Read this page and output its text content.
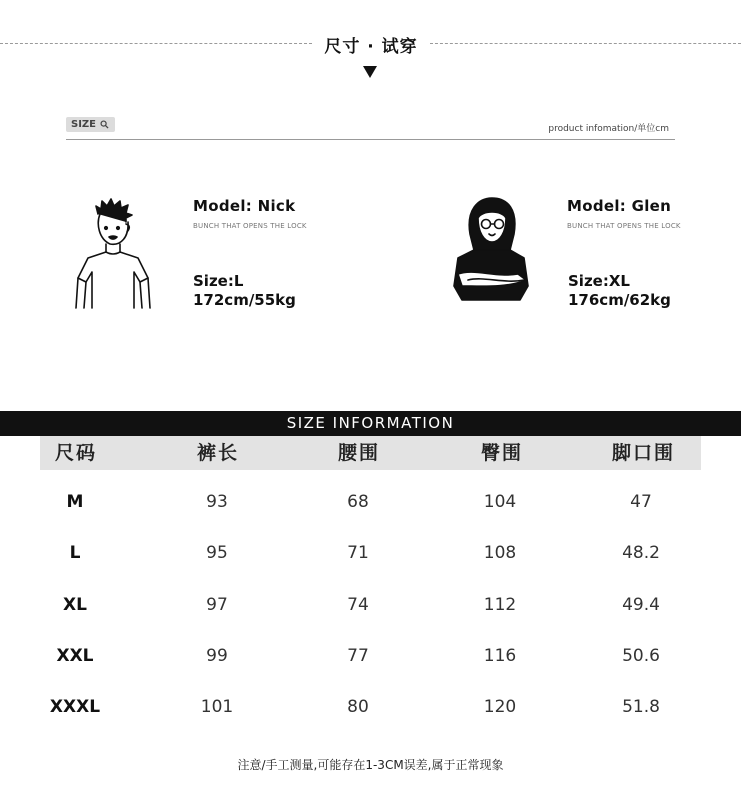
尺寸 · 试穿
SIZE	product infomation/单位cm
Model: Nick
BUNCH THAT OPENS THE LOCK
Size:L
172cm/55kg
Model: Glen
BUNCH THAT OPENS THE LOCK
Size:XL
176cm/62kg
SIZE INFORMATION
尺码	裤长	腰围	臀围	脚口围
M	93	68	104	47
L	95	71	108	48.2
XL	97	74	112	49.4
XXL	99	77	116	50.6
XXXL	101	80	120	51.8
注意/手工测量,可能存在1-3CM误差,属于正常现象
